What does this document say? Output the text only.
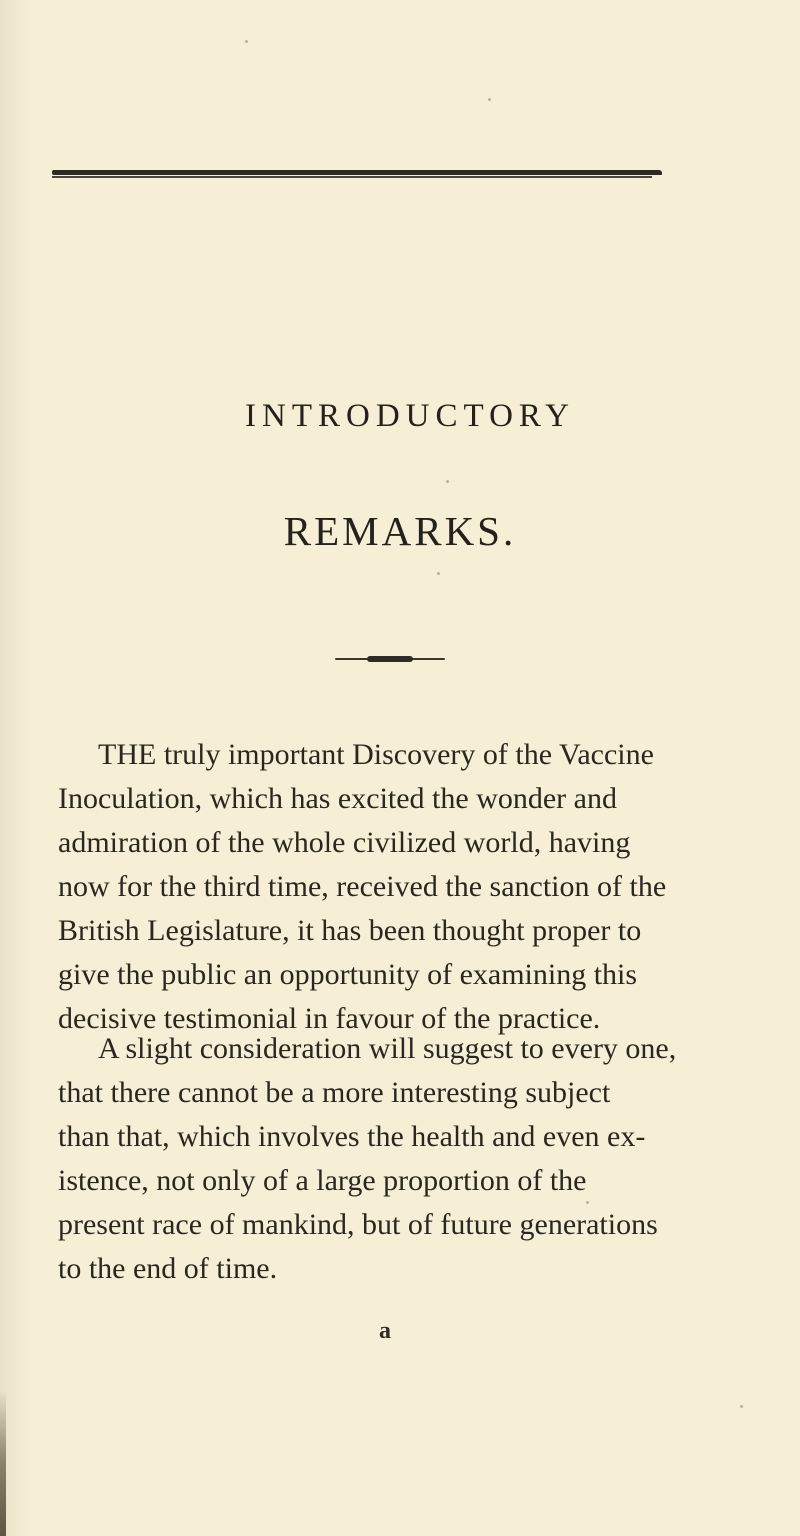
INTRODUCTORY
REMARKS.
THE truly important Discovery of the Vaccine
Inoculation, which has excited the wonder and
admiration of the whole civilized world, having
now for the third time, received the sanction of the
British Legislature, it has been thought proper to
give the public an opportunity of examining this
decisive testimonial in favour of the practice.
A slight consideration will suggest to every one,
that there cannot be a more interesting subject
than that, which involves the health and even ex-
istence, not only of a large proportion of the
present race of mankind, but of future generations
to the end of time.
a
